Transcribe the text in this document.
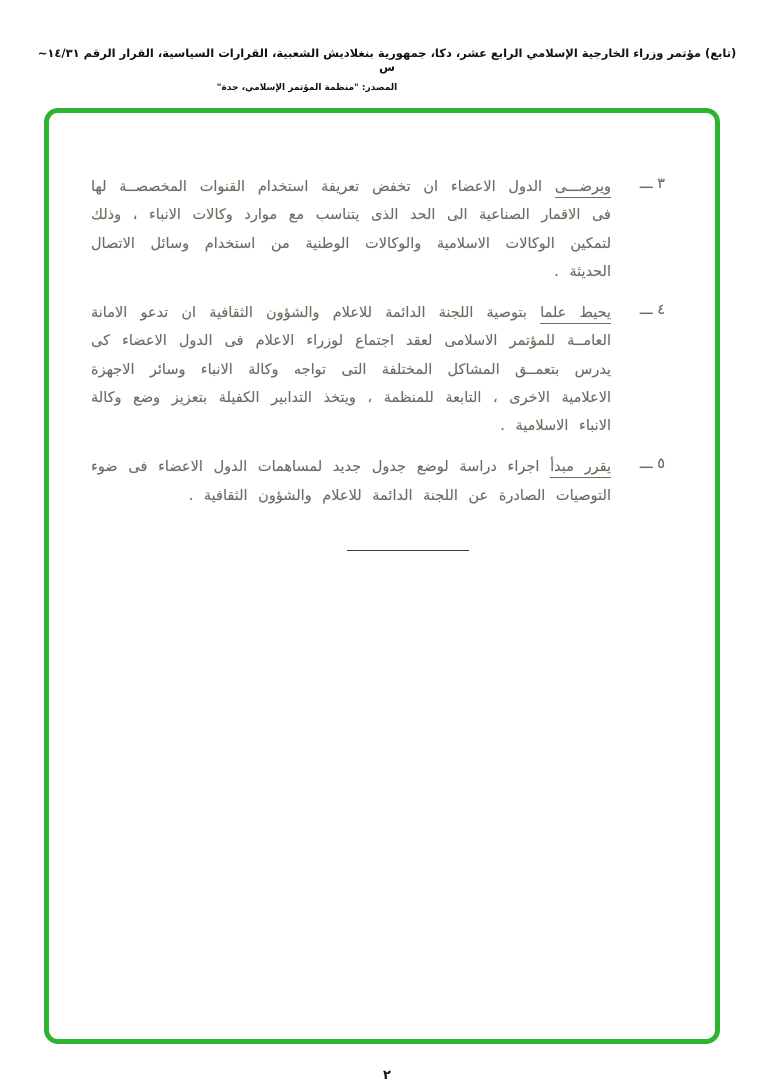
(تابع) مؤتمر وزراء الخارجية الإسلامي الرابع عشر، دكا، جمهورية بنغلاديش الشعبية، القرارات السياسية، القرار الرقم ١٤/٣١~ س
المصدر: "منظمة المؤتمر الإسلامي، جدة"
٣ ـــ
ويرضـــى الدول الاعضاء ان تخفض تعريفة استخدام القنوات المخصصــة لها فى الاقمار الصناعية الى الحد الذى يتناسب مع موارد وكالات الانباء ، وذلك لتمكين الوكالات الاسلامية والوكالات الوطنية من استخدام وسائل الاتصال الحديثة .
٤ ـــ
يحيط علما بتوصية اللجنة الدائمة للاعلام والشؤون الثقافية ان تدعو الامانة العامــة للمؤتمر الاسلامى لعقد اجتماع لوزراء الاعلام فى الدول الاعضاء كى يدرس بتعمــق المشاكل المختلفة التى تواجه وكالة الانباء وسائر الاجهزة الاعلامية الاخرى ، التابعة للمنظمة ، ويتخذ التدابير الكفيلة بتعزيز وضع وكالة الانباء الاسلامية .
٥ ـــ
يقرر مبدأ اجراء دراسة لوضع جدول جديد لمساهمات الدول الاعضاء فى ضوء التوصيات الصادرة عن اللجنة الدائمة للاعلام والشؤون الثقافية .
٢
